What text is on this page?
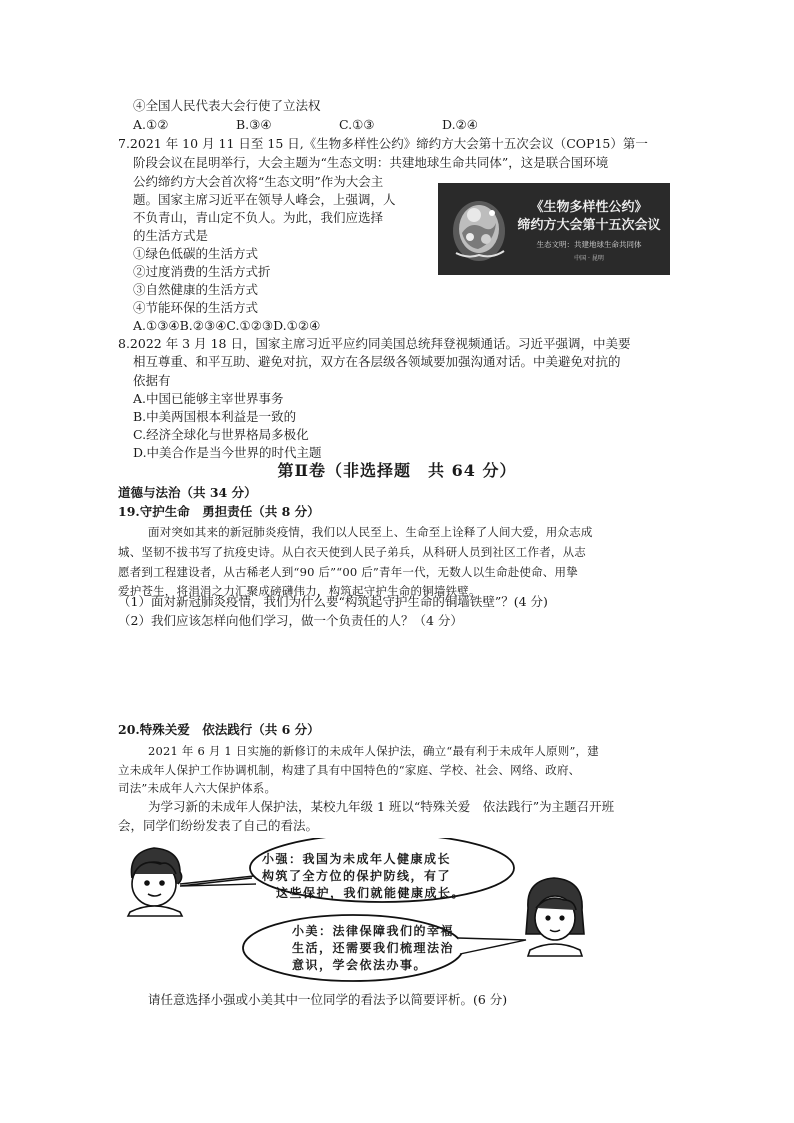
④全国人民代表大会行使了立法权
A.①②	B.③④	C.①③	D.②④
7.2021 年 10 月 11 日至 15 日,《生物多样性公约》缔约方大会第十五次会议（COP15）第一
阶段会议在昆明举行，大会主题为“生态文明：共建地球生命共同体”，这是联合国环境
公约缔约方大会首次将“生态文明”作为大会主
题。国家主席习近平在领导人峰会，上强调，人
不负青山，青山定不负人。为此，我们应选择
的生活方式是
①绿色低碳的生活方式
②过度消费的生活方式折
③自然健康的生活方式
④节能环保的生活方式
A.①③④B.②③④C.①②③D.①②④
《生物多样性公约》
缔约方大会第十五次会议
生态文明：共建地球生命共同体
中国 · 昆明
8.2022 年 3 月 18 日，国家主席习近平应约同美国总统拜登视频通话。习近平强调，中美要
相互尊重、和平互助、避免对抗，双方在各层级各领域要加强沟通对话。中美避免对抗的
依据有
A.中国已能够主宰世界事务
B.中美两国根本利益是一致的
C.经济全球化与世界格局多极化
D.中美合作是当今世界的时代主题
第Ⅱ卷（非选择题　共 64 分）
道德与法治（共 34 分）
19.守护生命　勇担责任（共 8 分）
面对突如其来的新冠肺炎疫情，我们以人民至上、生命至上诠释了人间大爱，用众志成
城、坚韧不拔书写了抗疫史诗。从白衣天使到人民子弟兵，从科研人员到社区工作者，从志
愿者到工程建设者，从古稀老人到“90 后”“00 后”青年一代，无数人以生命赴使命、用挚
爱护苍生，将涓涓之力汇聚成磅礴伟力，构筑起守护生命的铜墙铁壁。
（1）面对新冠肺炎疫情，我们为什么要“构筑起守护生命的铜墙铁壁”？(4 分)
（2）我们应该怎样向他们学习，做一个负责任的人？（4 分）
20.特殊关爱　依法践行（共 6 分）
2021 年 6 月 1 日实施的新修订的未成年人保护法，确立“最有利于未成年人原则”，建
立未成年人保护工作协调机制，构建了具有中国特色的“家庭、学校、社会、网络、政府、
司法”未成年人六大保护体系。
为学习新的未成年人保护法，某校九年级 1 班以“特殊关爱　依法践行”为主题召开班
会，同学们纷纷发表了自己的看法。
小强：我国为未成年人健康成长
构筑了全方位的保护防线，有了
这些保护，我们就能健康成长。
小美：法律保障我们的幸福
生活，还需要我们梳理法治
意识，学会依法办事。
请任意选择小强或小美其中一位同学的看法予以简要评析。(6 分)
